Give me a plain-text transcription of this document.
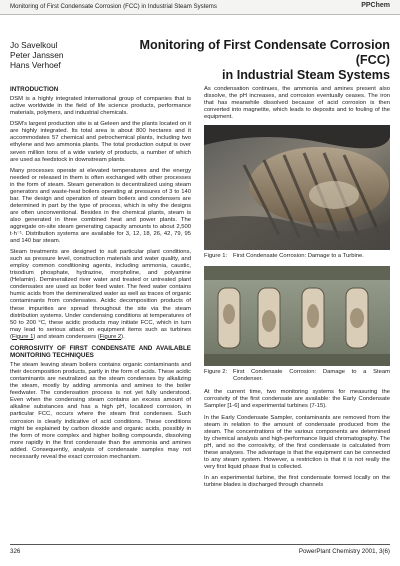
Monitoring of First Condensate Corrosion (FCC) in Industrial Steam Systems	PPChem
Jo Savelkoul
Peter Janssen
Hans Verhoef
Monitoring of First Condensate Corrosion (FCC)
in Industrial Steam Systems
INTRODUCTION

DSM is a highly integrated international group of companies that is active worldwide in the field of life science products, performance materials, polymers, and industrial chemicals.

DSM's largest production site is at Geleen and the plants located on it are highly integrated. Its total area is about 800 hectares and it accommodates 57 chemical and petrochemical plants, including two ethylene and two ammonia plants. The total production output is over seven million tons of a wide variety of products, a number of which are used as feedstock in downstream plants.

Many processes operate at elevated temperatures and the energy needed or released in them is often exchanged with other processes in the form of steam. Steam generation is decentralized using steam generators and waste-heat boilers operating at pressures of 3 to 140 bar. The design and operation of steam boilers and condensers are determined in part by the type of process, which is why the designs are often unconventional. Besides in the chemical plants, steam is also generated in three combined heat and power plants. The aggregate on-site steam generating capacity amounts to about 2,500 t·h⁻¹. Distribution systems are available for 3, 12, 18, 26, 42, 79, 95 and 140 bar steam.

Steam treatments are designed to suit particular plant conditions, such as pressure level, construction materials and water quality, and employ common conditioning agents, including ammonia, caustic, trisodium phosphate, hydrazine, morpholine, and polyamine (Helamin). Demineralized river water and treated or untreated plant condensates are used as boiler feed water. The feed water contains humic acids from the demineralized water as well as traces of organic contaminants from condensates. Acidic decomposition products of these impurities are spread throughout the site via the steam distribution systems. Under condensing conditions at temperatures of 50 to 200 °C, these acidic products may initiate FCC, which in turn may lead to serious attack on equipment items such as turbines (Figure 1) and steam condensers (Figure 2).

CORROSIVITY OF FIRST CONDENSATE AND AVAILABLE MONITORING TECHNIQUES

The steam leaving steam boilers contains organic contaminants and their decomposition products, partly in the form of acids. These acidic contaminants are neutralized as the steam condenses by alkalizing the steam, mostly by adding ammonia and amines to the boiler feedwater. The condensation process is not yet fully understood. Even when the condensing steam contains an excess amount of alkaline substances and has a high pH, localized corrosion, in particular FCC, occurs where the steam first condenses. Such corrosion is clearly indicative of acid conditions. These conditions might be explained by carbon dioxide and organic acids, possibly in the form of more complex and higher boiling compounds, dissolving more rapidly in the first condensate than the ammonia and amines added. Consequently, analysis of condensate samples may not necessarily reveal the exact corrosion mechanism.

As condensation continues, the ammonia and amines present also dissolve, the pH increases, and corrosion eventually ceases. The iron that has meanwhile dissolved because of acid corrosion is then converted into magnetite, which leads to deposits and to fouling of the equipment.

Figure 1:	First Condensate Corrosion: Damage to a Turbine.
Figure 2:	First Condensate Corrosion: Damage to a Steam Condenser.

At the current time, two monitoring systems for measuring the corrosivity of the first condensate are available: the Early Condensate Sampler [1-6] and experimental turbines (7-15).

In the Early Condensate Sampler, contaminants are removed from the steam in relation to the amount of condensate produced from the steam. The concentrations of the various components are determined by chemical analysis and high-performance liquid chromatography. The pH, and so the corrosivity, of the first condensate is calculated from these analyses. The advantage is that the equipment can be connected to any steam system. However, a restriction is that it is not really the very first liquid phase that is collected.

In an experimental turbine, the first condensate formed locally on the turbine blades is discharged through channels

326	PowerPlant Chemistry 2001, 3(6)
